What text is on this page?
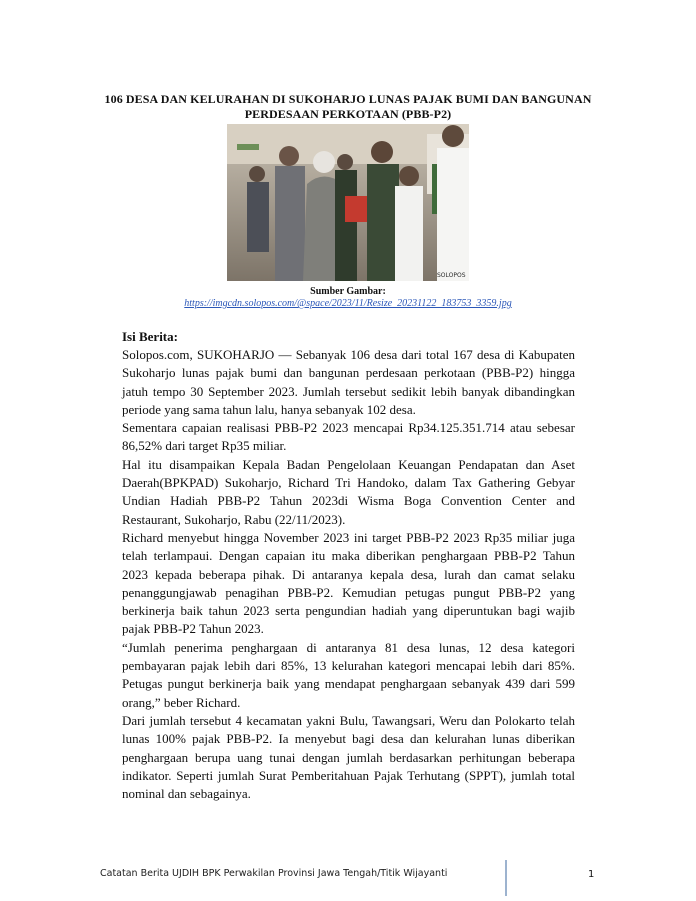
106 DESA DAN KELURAHAN DI SUKOHARJO LUNAS PAJAK BUMI DAN BANGUNAN PERDESAAN PERKOTAAN (PBB-P2)
SOLOPOS
Sumber Gambar:
https://imgcdn.solopos.com/@space/2023/11/Resize_20231122_183753_3359.jpg
Isi Berita:

Solopos.com, SUKOHARJO — Sebanyak 106 desa dari total 167 desa di Kabupaten Sukoharjo lunas pajak bumi dan bangunan perdesaan perkotaan (PBB-P2) hingga jatuh tempo 30 September 2023. Jumlah tersebut sedikit lebih banyak dibandingkan periode yang sama tahun lalu, hanya sebanyak 102 desa.

Sementara capaian realisasi PBB-P2 2023 mencapai Rp34.125.351.714 atau sebesar 86,52% dari target Rp35 miliar.

Hal itu disampaikan Kepala Badan Pengelolaan Keuangan Pendapatan dan Aset Daerah(BPKPAD) Sukoharjo, Richard Tri Handoko, dalam Tax Gathering Gebyar Undian Hadiah PBB-P2 Tahun 2023di Wisma Boga Convention Center and Restaurant, Sukoharjo, Rabu (22/11/2023).

Richard menyebut hingga November 2023 ini target PBB-P2 2023 Rp35 miliar juga telah terlampaui. Dengan capaian itu maka diberikan penghargaan PBB-P2 Tahun 2023 kepada beberapa pihak. Di antaranya kepala desa, lurah dan camat selaku penanggungjawab penagihan PBB-P2. Kemudian petugas pungut PBB-P2 yang berkinerja baik tahun 2023 serta pengundian hadiah yang diperuntukan bagi wajib pajak PBB-P2 Tahun 2023.

“Jumlah penerima penghargaan di antaranya 81 desa lunas, 12 desa kategori pembayaran pajak lebih dari 85%, 13 kelurahan kategori mencapai lebih dari 85%. Petugas pungut berkinerja baik yang mendapat penghargaan sebanyak 439 dari 599 orang,” beber Richard.

Dari jumlah tersebut 4 kecamatan yakni Bulu, Tawangsari, Weru dan Polokarto telah lunas 100% pajak PBB-P2. Ia menyebut bagi desa dan kelurahan lunas diberikan penghargaan berupa uang tunai dengan jumlah berdasarkan perhitungan beberapa indikator. Seperti jumlah Surat Pemberitahuan Pajak Terhutang (SPPT), jumlah total nominal dan sebagainya.

Catatan Berita UJDIH BPK Perwakilan Provinsi Jawa Tengah/Titik Wijayanti	1
